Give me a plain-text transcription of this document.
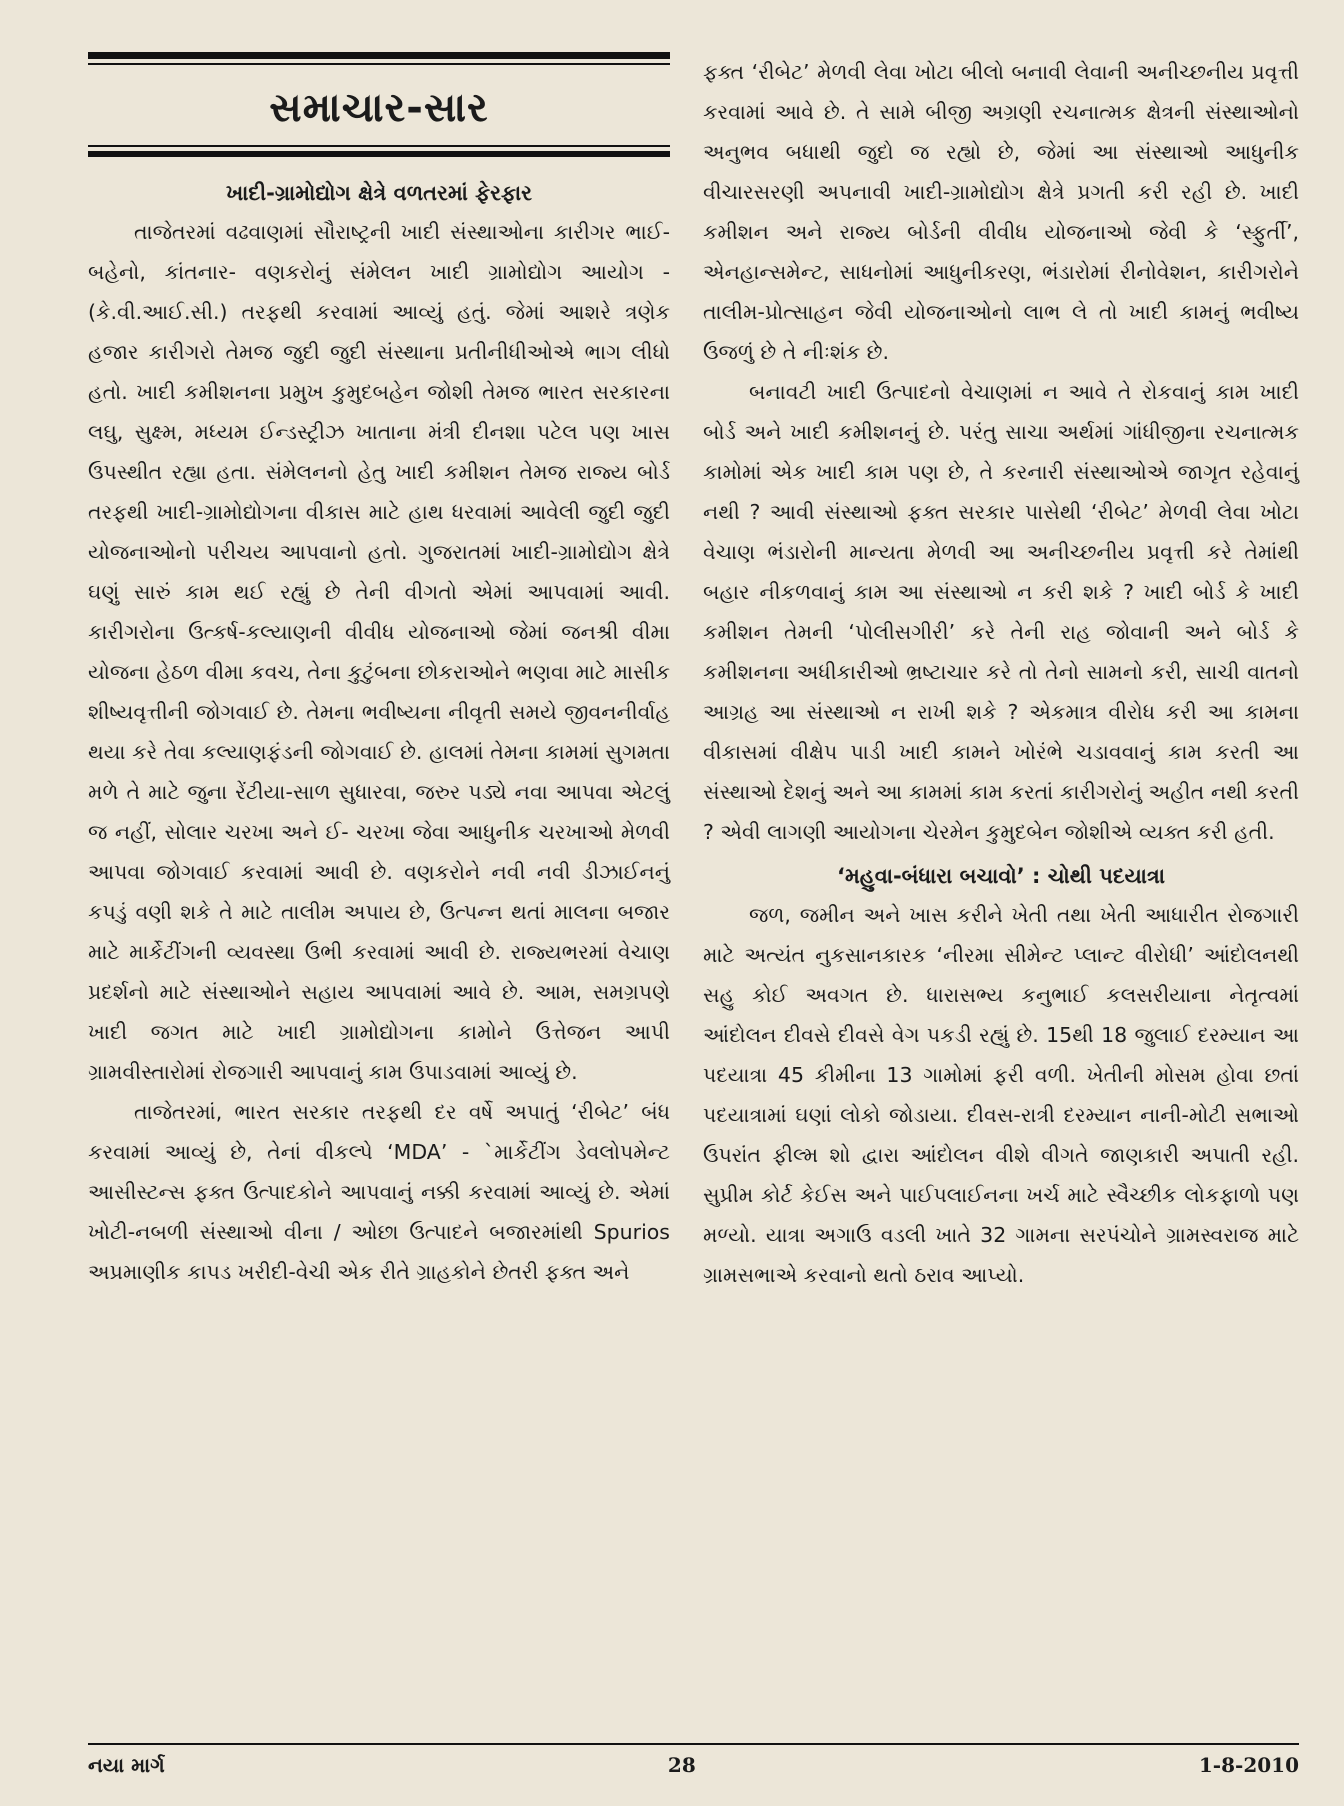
સમાચાર-સાર
ખાદી-ગ્રામોદ્યોગ ક્ષેત્રે વળતરમાં ફેરફાર

તાજેતરમાં વઢવાણમાં સૌરાષ્ટ્રની ખાદી સંસ્થાઓના કારીગર ભાઈ-બહેનો, કાંતનાર- વણકરોનું સંમેલન ખાદી ગ્રામોદ્યોગ આયોગ - (કે.વી.આઈ.સી.) તરફથી કરવામાં આવ્યું હતું. જેમાં આશરે ત્રણેક હજાર કારીગરો તેમજ જુદી જુદી સંસ્થાના પ્રતીનીધીઓએ ભાગ લીધો હતો. ખાદી કમીશનના પ્રમુખ કુમુદબહેન જોશી તેમજ ભારત સરકારના લઘુ, સુક્ષ્મ, મધ્યમ ઈન્ડસ્ટ્રીઝ ખાતાના મંત્રી દીનશા પટેલ પણ ખાસ ઉપસ્થીત રહ્યા હતા. સંમેલનનો હેતુ ખાદી કમીશન તેમજ રાજ્ય બોર્ડ તરફથી ખાદી-ગ્રામોદ્યોગના વીકાસ માટે હાથ ધરવામાં આવેલી જુદી જુદી યોજનાઓનો પરીચય આપવાનો હતો. ગુજરાતમાં ખાદી-ગ્રામોદ્યોગ ક્ષેત્રે ઘણું સારું કામ થઈ રહ્યું છે તેની વીગતો એમાં આપવામાં આવી. કારીગરોના ઉત્કર્ષ-કલ્યાણની વીવીધ યોજનાઓ જેમાં જનશ્રી વીમા યોજના હેઠળ વીમા કવચ, તેના કુટુંબના છોકરાઓને ભણવા માટે માસીક શીષ્યવૃત્તીની જોગવાઈ છે. તેમના ભવીષ્યના નીવૃતી સમયે જીવનનીર્વાહ થયા કરે તેવા કલ્યાણફંડની જોગવાઈ છે. હાલમાં તેમના કામમાં સુગમતા મળે તે માટે જુના રેંટીયા-સાળ સુધારવા, જરુર પડ્યે નવા આપવા એટલું જ નહીં, સોલાર ચરખા અને ઈ- ચરખા જેવા આધુનીક ચરખાઓ મેળવી આપવા જોગવાઈ કરવામાં આવી છે. વણકરોને નવી નવી ડીઝાઈનનું કપડું વણી શકે તે માટે તાલીમ અપાય છે, ઉત્પન્ન થતાં માલના બજાર માટે માર્કેટીંગની વ્યવસ્થા ઉભી કરવામાં આવી છે. રાજ્યભરમાં વેચાણ પ્રદર્શનો માટે સંસ્થાઓને સહાય આપવામાં આવે છે. આમ, સમગ્રપણે ખાદી જગત માટે ખાદી ગ્રામોદ્યોગના કામોને ઉત્તેજન આપી ગ્રામવીસ્તારોમાં રોજગારી આપવાનું કામ ઉપાડવામાં આવ્યું છે.

તાજેતરમાં, ભારત સરકાર તરફથી દર વર્ષે અપાતું ‘રીબેટ’ બંધ કરવામાં આવ્યું છે, તેનાં વીકલ્પે ‘MDA’ - `માર્કેટીંગ ડેવલોપમેન્ટ આસીસ્ટન્સ ફક્ત ઉત્પાદકોને આપવાનું નક્કી કરવામાં આવ્યું છે. એમાં ખોટી-નબળી સંસ્થાઓ વીના / ઓછા ઉત્પાદને બજારમાંથી Spurios અપ્રમાણીક કાપડ ખરીદી-વેચી એક રીતે ગ્રાહકોને છેતરી ફક્ત અને

ફક્ત ‘રીબેટ’ મેળવી લેવા ખોટા બીલો બનાવી લેવાની અનીચ્છનીય પ્રવૃત્તી કરવામાં આવે છે. તે સામે બીજી અગ્રણી રચનાત્મક ક્ષેત્રની સંસ્થાઓનો અનુભવ બધાથી જુદો જ રહ્યો છે, જેમાં આ સંસ્થાઓ આધુનીક વીચારસરણી અપનાવી ખાદી-ગ્રામોદ્યોગ ક્ષેત્રે પ્રગતી કરી રહી છે. ખાદી કમીશન અને રાજ્ય બોર્ડની વીવીધ યોજનાઓ જેવી કે ‘સ્ફુર્તી’, એનહાન્સમેન્ટ, સાધનોમાં આધુનીકરણ, ભંડારોમાં રીનોવેશન, કારીગરોને તાલીમ-પ્રોત્સાહન જેવી યોજનાઓનો લાભ લે તો ખાદી કામનું ભવીષ્ય ઉજળું છે તે નીઃશંક છે.

બનાવટી ખાદી ઉત્પાદનો વેચાણમાં ન આવે તે રોકવાનું કામ ખાદી બોર્ડ અને ખાદી કમીશનનું છે. પરંતુ સાચા અર્થમાં ગાંધીજીના રચનાત્મક કામોમાં એક ખાદી કામ પણ છે, તે કરનારી સંસ્થાઓએ જાગૃત રહેવાનું નથી ? આવી સંસ્થાઓ ફક્ત સરકાર પાસેથી ‘રીબેટ’ મેળવી લેવા ખોટા વેચાણ ભંડારોની માન્યતા મેળવી આ અનીચ્છનીય પ્રવૃત્તી કરે તેમાંથી બહાર નીકળવાનું કામ આ સંસ્થાઓ ન કરી શકે ? ખાદી બોર્ડ કે ખાદી કમીશન તેમની ‘પોલીસગીરી’ કરે તેની રાહ જોવાની અને બોર્ડ કે કમીશનના અધીકારીઓ ભ્રષ્ટાચાર કરે તો તેનો સામનો કરી, સાચી વાતનો આગ્રહ આ સંસ્થાઓ ન રાખી શકે ? એકમાત્ર વીરોધ કરી આ કામના વીકાસમાં વીક્ષેપ પાડી ખાદી કામને ખોરંભે ચડાવવાનું કામ કરતી આ સંસ્થાઓ દેશનું અને આ કામમાં કામ કરતાં કારીગરોનું અહીત નથી કરતી ? એવી લાગણી આયોગના ચેરમેન કુમુદબેન જોશીએ વ્યક્ત કરી હતી.

‘મહુવા-બંધારા બચાવો’ : ચોથી પદયાત્રા

જળ, જમીન અને ખાસ કરીને ખેતી તથા ખેતી આધારીત રોજગારી માટે અત્યંત નુકસાનકારક ‘નીરમા સીમેન્ટ પ્લાન્ટ વીરોધી’ આંદોલનથી સહુ કોઈ અવગત છે. ધારાસભ્ય કનુભાઈ કલસરીયાના નેતૃત્વમાં આંદોલન દીવસે દીવસે વેગ પકડી રહ્યું છે. 15થી 18 જુલાઈ દરમ્યાન આ પદયાત્રા 45 કીમીના 13 ગામોમાં ફરી વળી. ખેતીની મોસમ હોવા છતાં પદયાત્રામાં ઘણાં લોકો જોડાયા. દીવસ-રાત્રી દરમ્યાન નાની-મોટી સભાઓ ઉપરાંત ફીલ્મ શો દ્વારા આંદોલન વીશે વીગતે જાણકારી અપાતી રહી. સુપ્રીમ કોર્ટ કેઈસ અને પાઈપલાઈનના ખર્ચ માટે સ્વૈચ્છીક લોકફાળો પણ મળ્યો. યાત્રા અગાઉ વડલી ખાતે 32 ગામના સરપંચોને ગ્રામસ્વરાજ માટે ગ્રામસભાએ કરવાનો થતો ઠરાવ આપ્યો.

નયા માર્ગ	28	1-8-2010
